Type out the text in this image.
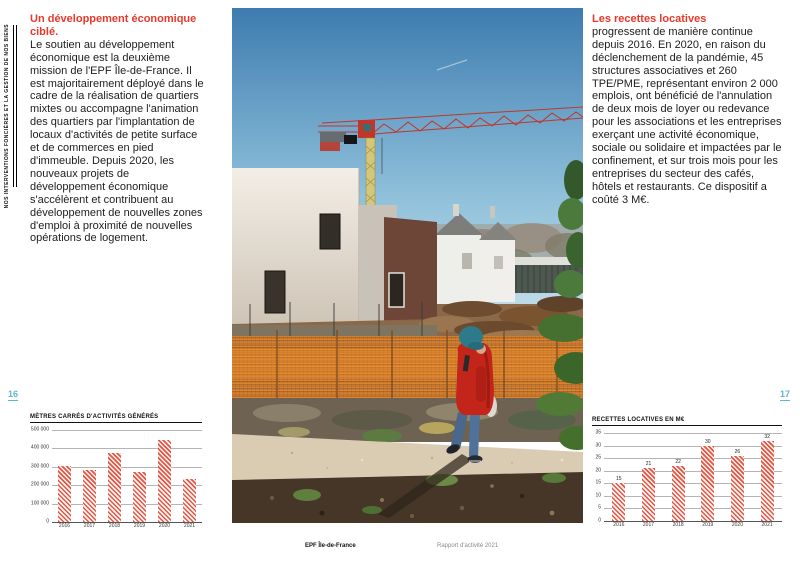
NOS INTERVENTIONS FONCIÈRES ET LA GESTION DE NOS BIENS

Un développement économique ciblé.

Le soutien au développement économique est la deuxième mission de l'EPF Île-de-France. Il est majoritairement déployé dans le cadre de la réalisation de quartiers mixtes ou accompagne l'animation des quartiers par l'implantation de locaux d'activités de petite surface et de commerces en pied d'immeuble. Depuis 2020, les nouveaux projets de développement économique s'accélèrent et contribuent au développement de nouvelles zones d'emploi à proximité de nouvelles opérations de logement.

Les recettes locatives

progressent de manière continue depuis 2016. En 2020, en raison du déclenchement de la pandémie, 45 structures associatives et 260 TPE/PME, représentant environ 2 000 emplois, ont bénéficié de l'annulation de deux mois de loyer ou redevance pour les associations et les entreprises exerçant une activité économique, sociale ou solidaire et impactées par le confinement, et sur trois mois pour les entreprises du secteur des cafés, hôtels et restaurants. Ce dispositif a coûté 3 M€.

MÈTRES CARRÉS D'ACTIVITÉS GÉNÉRÉS
500 000
400 000
300 000
200 000
100 000
0
2016	2017	2018	2019	2020	2021
RECETTES LOCATIVES EN M€
35
30
25
20
15
10
5
0
15
21	22
30
26
32
2016	2017	2018	2019	2020	2021
16	17
EPF Île-de-France	Rapport d'activité 2021
